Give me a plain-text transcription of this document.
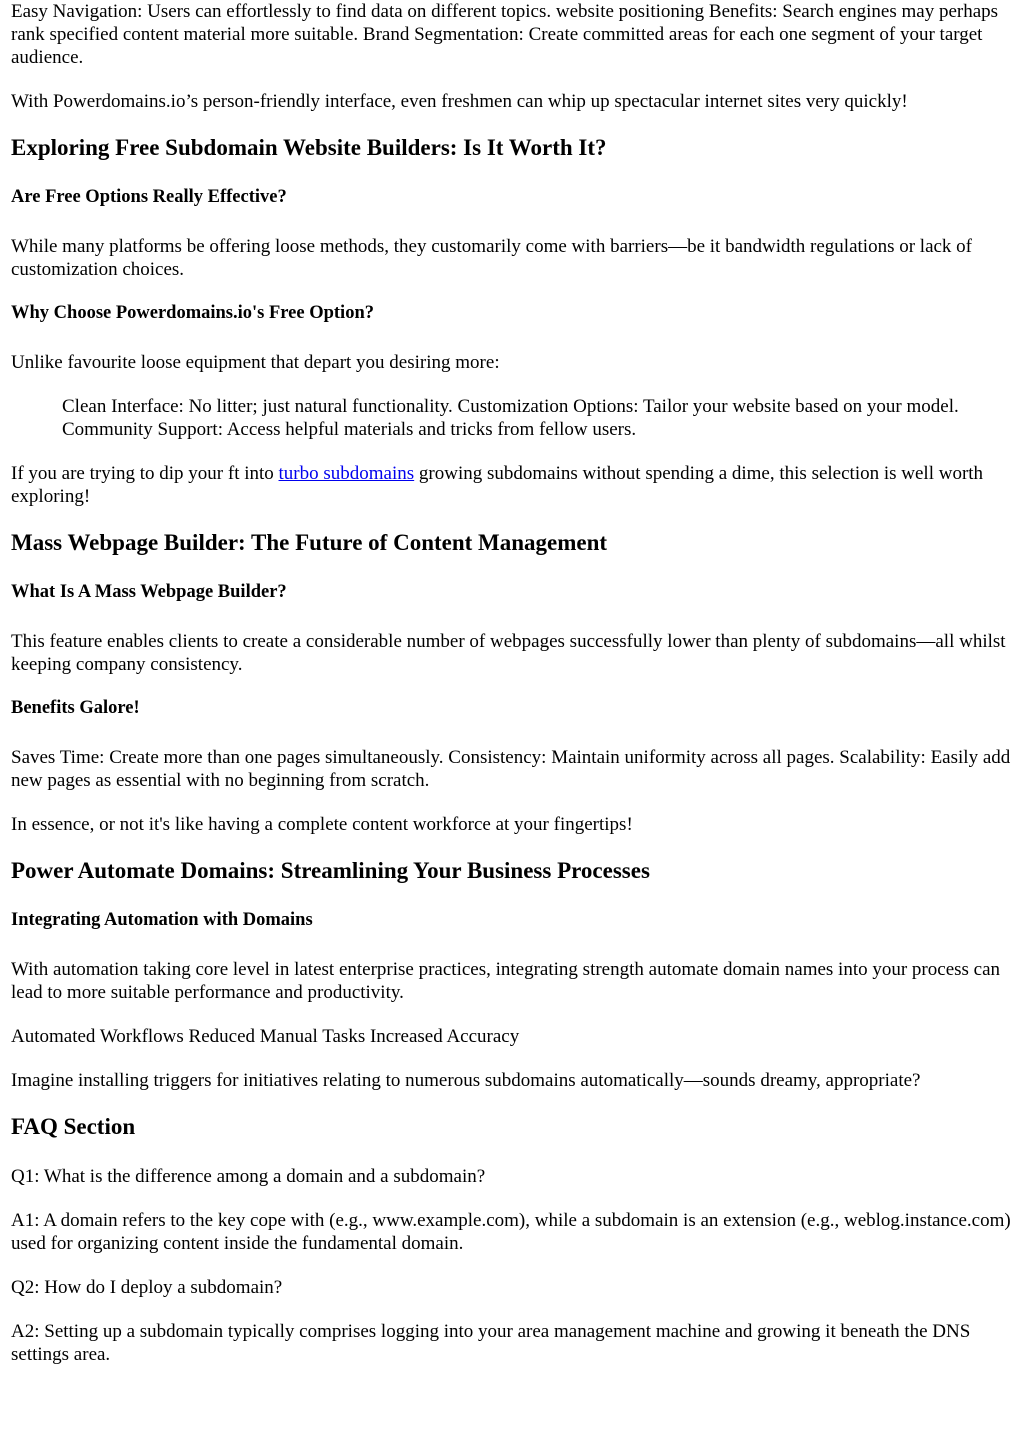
Easy Navigation: Users can effortlessly to find data on different topics. website positioning Benefits: Search engines may perhaps rank specified content material more suitable. Brand Segmentation: Create committed areas for each one segment of your target audience.

With Powerdomains.io’s person-friendly interface, even freshmen can whip up spectacular internet sites very quickly!

Exploring Free Subdomain Website Builders: Is It Worth It?
Are Free Options Really Effective?

While many platforms be offering loose methods, they customarily come with barriers—be it bandwidth regulations or lack of customization choices.

Why Choose Powerdomains.io's Free Option?

Unlike favourite loose equipment that depart you desiring more:

Clean Interface: No litter; just natural functionality. Customization Options: Tailor your website based on your model. Community Support: Access helpful materials and tricks from fellow users.

If you are trying to dip your ft into turbo subdomains growing subdomains without spending a dime, this selection is well worth exploring!

Mass Webpage Builder: The Future of Content Management
What Is A Mass Webpage Builder?

This feature enables clients to create a considerable number of webpages successfully lower than plenty of subdomains—all whilst keeping company consistency.

Benefits Galore!

Saves Time: Create more than one pages simultaneously. Consistency: Maintain uniformity across all pages. Scalability: Easily add new pages as essential with no beginning from scratch.

In essence, or not it's like having a complete content workforce at your fingertips!

Power Automate Domains: Streamlining Your Business Processes
Integrating Automation with Domains

With automation taking core level in latest enterprise practices, integrating strength automate domain names into your process can lead to more suitable performance and productivity.

Automated Workflows Reduced Manual Tasks Increased Accuracy

Imagine installing triggers for initiatives relating to numerous subdomains automatically—sounds dreamy, appropriate?

FAQ Section

Q1: What is the difference among a domain and a subdomain?

A1: A domain refers to the key cope with (e.g., www.example.com), while a subdomain is an extension (e.g., weblog.instance.com) used for organizing content inside the fundamental domain.

Q2: How do I deploy a subdomain?

A2: Setting up a subdomain typically comprises logging into your area management machine and growing it beneath the DNS settings area.
